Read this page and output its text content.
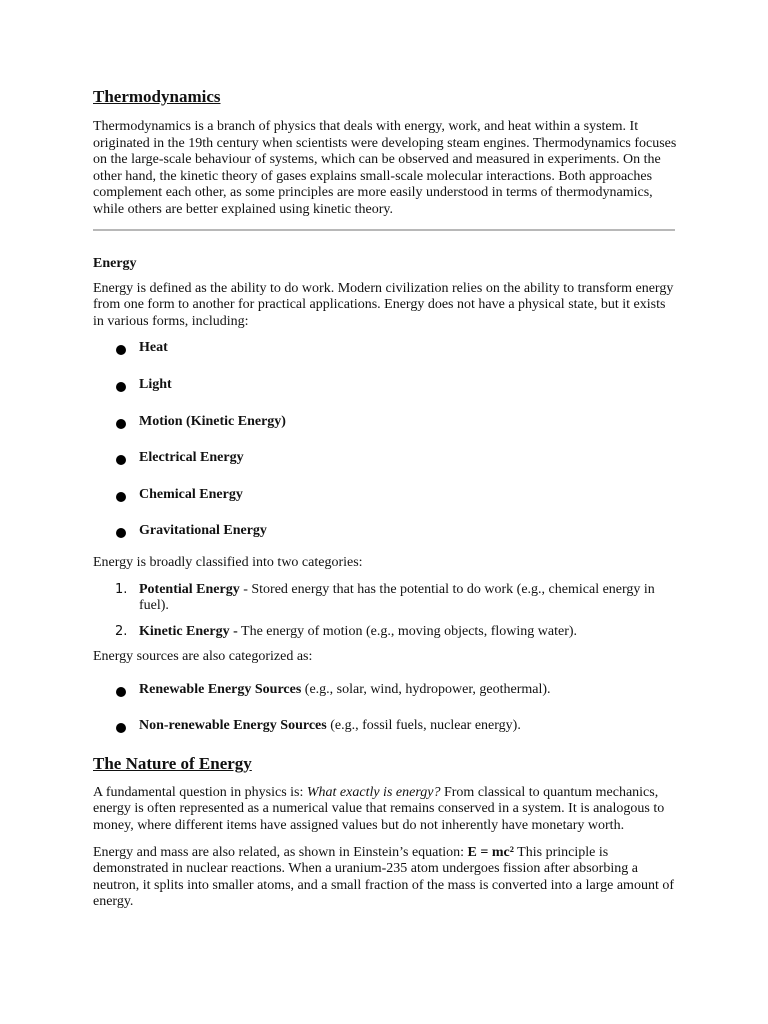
Thermodynamics

Thermodynamics is a branch of physics that deals with energy, work, and heat within a system. It originated in the 19th century when scientists were developing steam engines. Thermodynamics focuses on the large-scale behaviour of systems, which can be observed and measured in experiments. On the other hand, the kinetic theory of gases explains small-scale molecular interactions. Both approaches complement each other, as some principles are more easily understood in terms of thermodynamics, while others are better explained using kinetic theory.

Energy

Energy is defined as the ability to do work. Modern civilization relies on the ability to transform energy from one form to another for practical applications. Energy does not have a physical state, but it exists in various forms, including:

Heat
Light
Motion (Kinetic Energy)
Electrical Energy
Chemical Energy
Gravitational Energy

Energy is broadly classified into two categories:

1. Potential Energy - Stored energy that has the potential to do work (e.g., chemical energy in fuel).
2. Kinetic Energy - The energy of motion (e.g., moving objects, flowing water).

Energy sources are also categorized as:

Renewable Energy Sources (e.g., solar, wind, hydropower, geothermal).
Non-renewable Energy Sources (e.g., fossil fuels, nuclear energy).
The Nature of Energy

A fundamental question in physics is: What exactly is energy? From classical to quantum mechanics, energy is often represented as a numerical value that remains conserved in a system. It is analogous to money, where different items have assigned values but do not inherently have monetary worth.

Energy and mass are also related, as shown in Einstein’s equation: E = mc² This principle is demonstrated in nuclear reactions. When a uranium-235 atom undergoes fission after absorbing a neutron, it splits into smaller atoms, and a small fraction of the mass is converted into a large amount of energy.
